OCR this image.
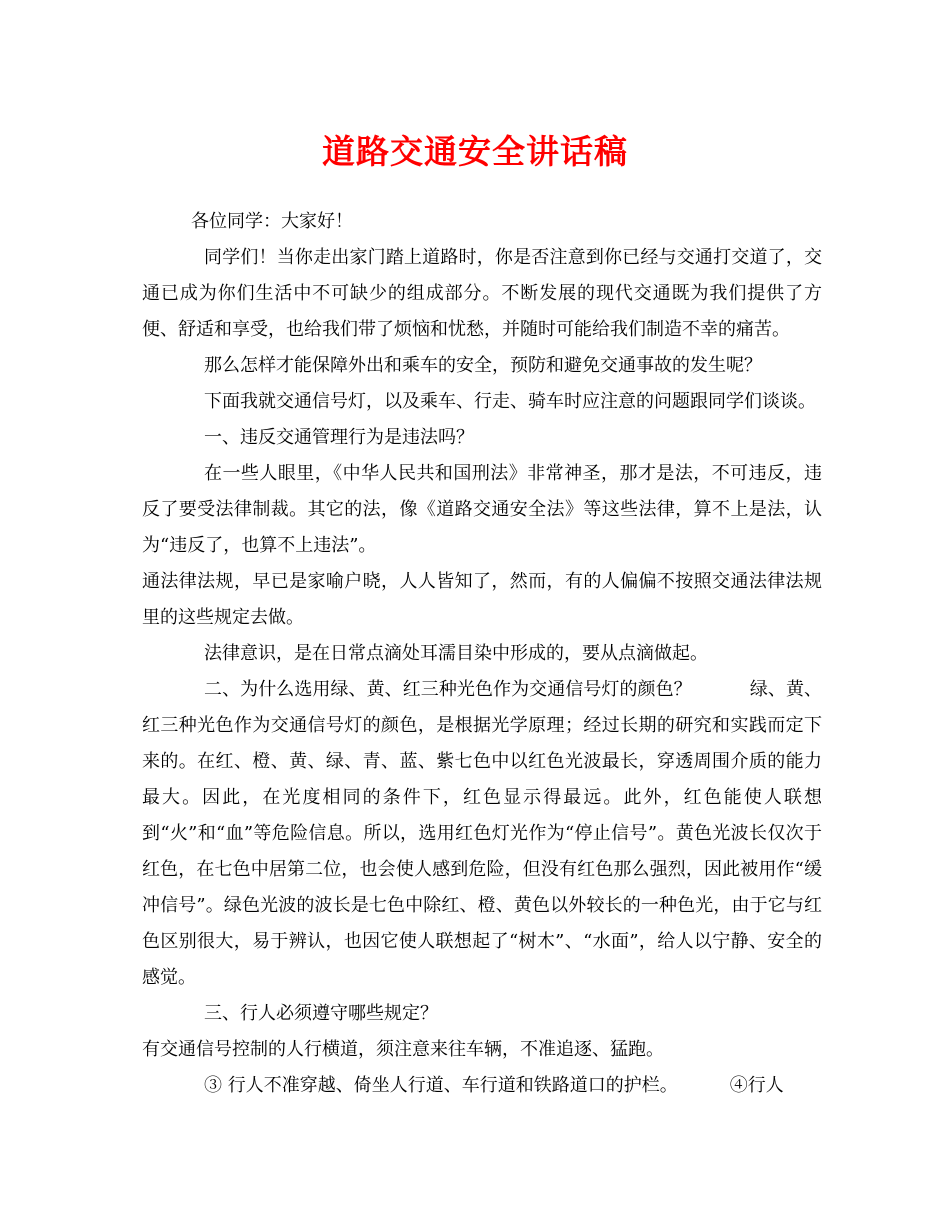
道路交通安全讲话稿

各位同学：大家好！

同学们！当你走出家门踏上道路时，你是否注意到你已经与交通打交道了，交通已成为你们生活中不可缺少的组成部分。不断发展的现代交通既为我们提供了方便、舒适和享受，也给我们带了烦恼和忧愁，并随时可能给我们制造不幸的痛苦。

那么怎样才能保障外出和乘车的安全，预防和避免交通事故的发生呢？

下面我就交通信号灯，以及乘车、行走、骑车时应注意的问题跟同学们谈谈。

一、违反交通管理行为是违法吗？

在一些人眼里，《中华人民共和国刑法》非常神圣，那才是法，不可违反，违反了要受法律制裁。其它的法，像《道路交通安全法》等这些法律，算不上是法，认为“违反了，也算不上违法”。

通法律法规，早已是家喻户晓，人人皆知了，然而，有的人偏偏不按照交通法律法规里的这些规定去做。

法律意识，是在日常点滴处耳濡目染中形成的，要从点滴做起。

二、为什么选用绿、黄、红三种光色作为交通信号灯的颜色？	绿、黄、红三种光色作为交通信号灯的颜色，是根据光学原理；经过长期的研究和实践而定下来的。在红、橙、黄、绿、青、蓝、紫七色中以红色光波最长，穿透周围介质的能力最大。因此，在光度相同的条件下，红色显示得最远。此外，红色能使人联想到“火”和“血”等危险信息。所以，选用红色灯光作为“停止信号”。黄色光波长仅次于红色，在七色中居第二位，也会使人感到危险，但没有红色那么强烈，因此被用作“缓冲信号”。绿色光波的波长是七色中除红、橙、黄色以外较长的一种色光，由于它与红色区别很大，易于辨认，也因它使人联想起了“树木”、“水面”，给人以宁静、安全的感觉。

三、行人必须遵守哪些规定？

有交通信号控制的人行横道，须注意来往车辆，不准追逐、猛跑。

③ 行人不准穿越、倚坐人行道、车行道和铁路道口的护栏。	④行人
